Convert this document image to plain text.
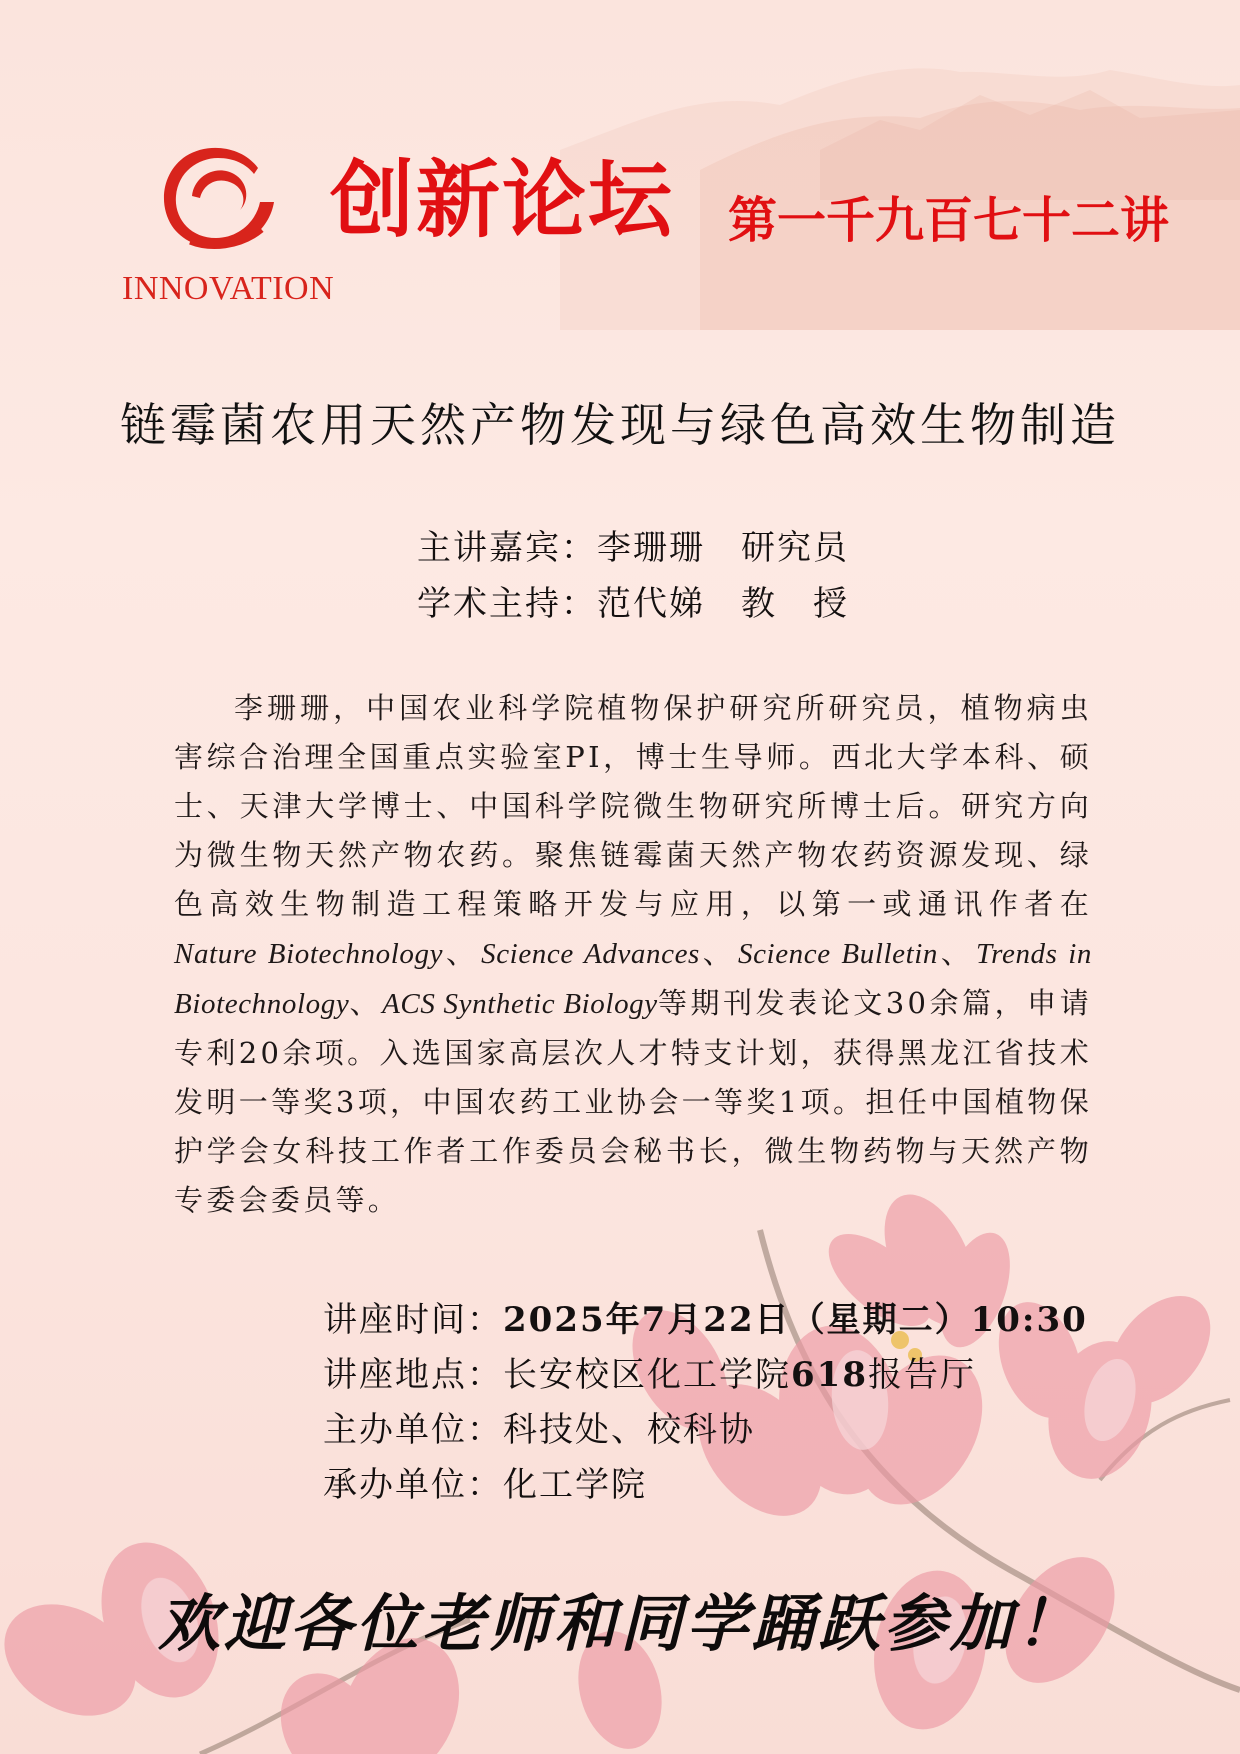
INNOVATION
创新论坛 第一千九百七十二讲
链霉菌农用天然产物发现与绿色高效生物制造
主讲嘉宾：李珊珊　研究员
学术主持：范代娣　教　授

李珊珊，中国农业科学院植物保护研究所研究员，植物病虫害综合治理全国重点实验室PI，博士生导师。西北大学本科、硕士、天津大学博士、中国科学院微生物研究所博士后。研究方向为微生物天然产物农药。聚焦链霉菌天然产物农药资源发现、绿色高效生物制造工程策略开发与应用，以第一或通讯作者在Nature Biotechnology、Science Advances、Science Bulletin、Trends in Biotechnology、ACS Synthetic Biology等期刊发表论文30余篇，申请专利20余项。入选国家高层次人才特支计划，获得黑龙江省技术发明一等奖3项，中国农药工业协会一等奖1项。担任中国植物保护学会女科技工作者工作委员会秘书长，微生物药物与天然产物专委会委员等。

讲座时间：2025年7月22日（星期二）10:30
讲座地点：长安校区化工学院618报告厅
主办单位：科技处、校科协
承办单位：化工学院
欢迎各位老师和同学踊跃参加！
